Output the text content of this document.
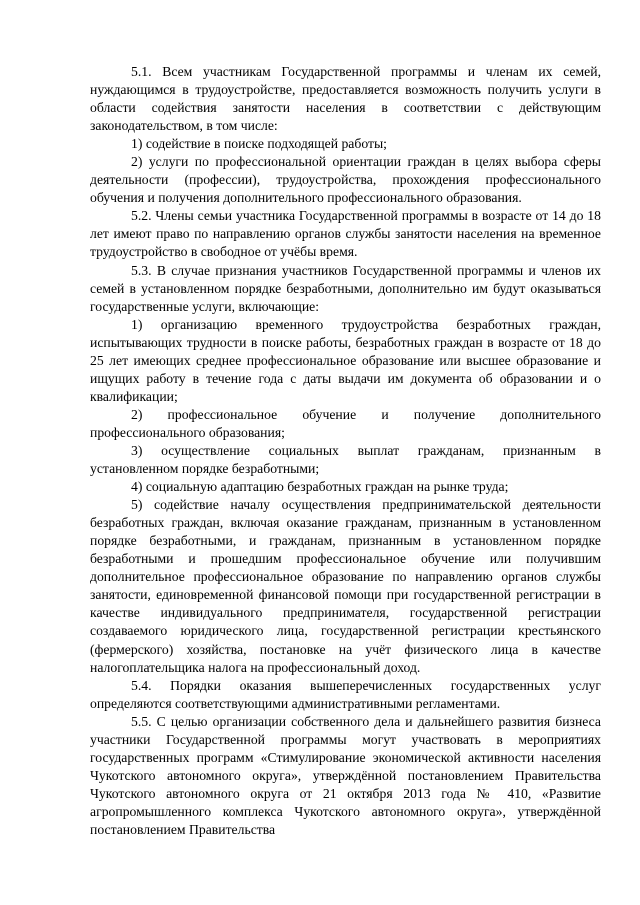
5.1. Всем участникам Государственной программы и членам их семей, нуждающимся в трудоустройстве, предоставляется возможность получить услуги в области содействия занятости населения в соответствии с действующим законодательством, в том числе:

1) содействие в поиске подходящей работы;

2) услуги по профессиональной ориентации граждан в целях выбора сферы деятельности (профессии), трудоустройства, прохождения профессионального обучения и получения дополнительного профессионального образования.

5.2. Члены семьи участника Государственной программы в возрасте от 14 до 18 лет имеют право по направлению органов службы занятости населения на временное трудоустройство в свободное от учёбы время.

5.3. В случае признания участников Государственной программы и членов их семей в установленном порядке безработными, дополнительно им будут оказываться государственные услуги, включающие:

1) организацию временного трудоустройства безработных граждан, испытывающих трудности в поиске работы, безработных граждан в возрасте от 18 до 25 лет имеющих среднее профессиональное образование или высшее образование и ищущих работу в течение года с даты выдачи им документа об образовании и о квалификации;

2) профессиональное обучение и получение дополнительного профессионального образования;

3) осуществление социальных выплат гражданам, признанным в установленном порядке безработными;

4) социальную адаптацию безработных граждан на рынке труда;

5) содействие началу осуществления предпринимательской деятельности безработных граждан, включая оказание гражданам, признанным в установленном порядке безработными, и гражданам, признанным в установленном порядке безработными и прошедшим профессиональное обучение или получившим дополнительное профессиональное образование по направлению органов службы занятости, единовременной финансовой помощи при государственной регистрации в качестве индивидуального предпринимателя, государственной регистрации создаваемого юридического лица, государственной регистрации крестьянского (фермерского) хозяйства, постановке на учёт физического лица в качестве налогоплательщика налога на профессиональный доход.

5.4. Порядки оказания вышеперечисленных государственных услуг определяются соответствующими административными регламентами.

5.5. С целью организации собственного дела и дальнейшего развития бизнеса участники Государственной программы могут участвовать в мероприятиях государственных программ «Стимулирование экономической активности населения Чукотского автономного округа», утверждённой постановлением Правительства Чукотского автономного округа от 21 октября 2013 года № 410, «Развитие агропромышленного комплекса Чукотского автономного округа», утверждённой постановлением Правительства
